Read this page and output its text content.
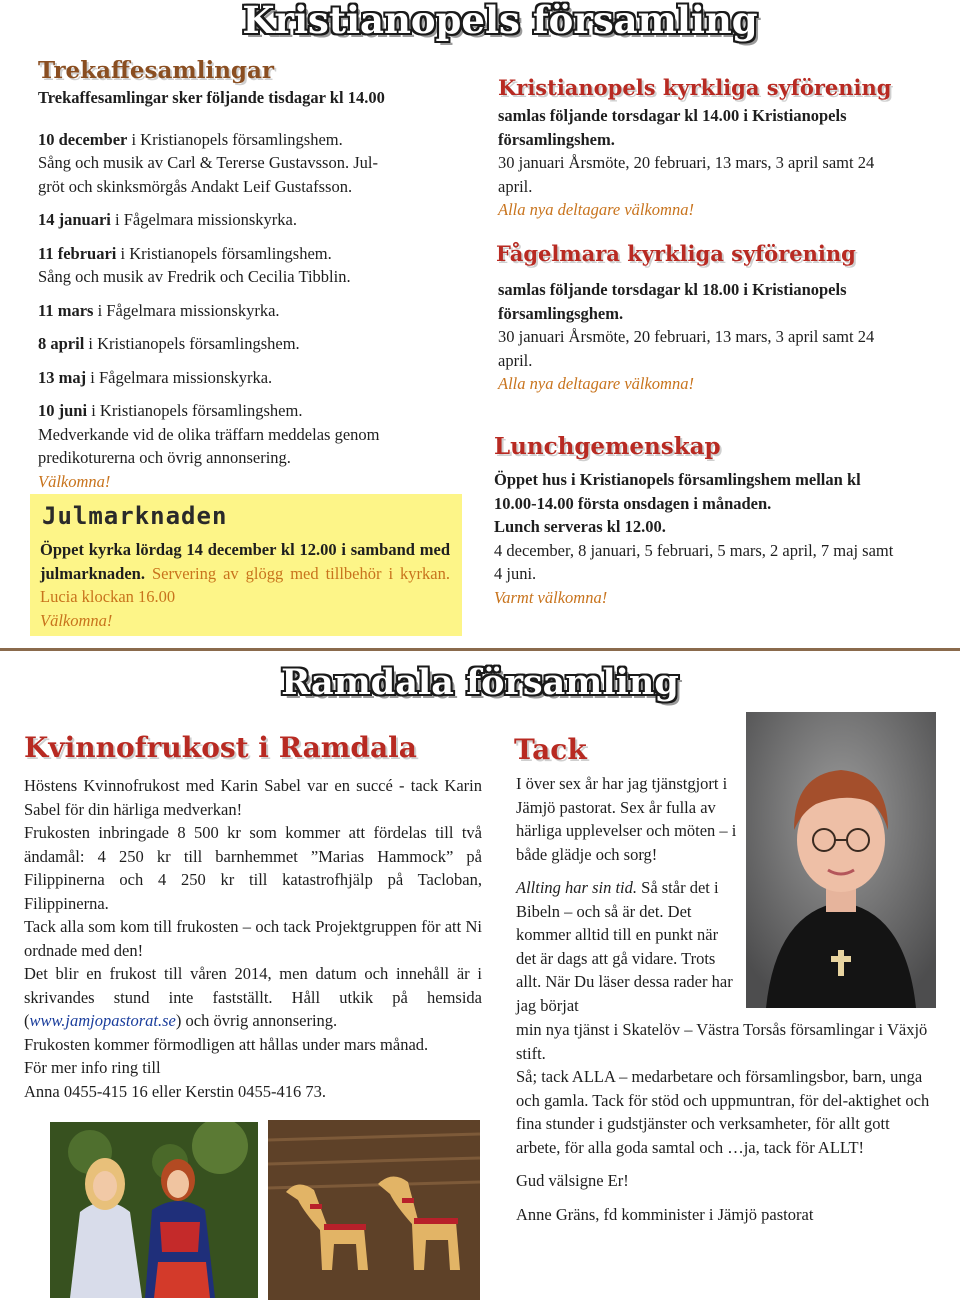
Kristianopels församling
Trekaffesamlingar

Trekaffesamlingar sker följande tisdagar kl 14.00

10 december i Kristianopels församlingshem.

Sång och musik av Carl & Tererse Gustavsson. Jul-gröt och skinksmörgås Andakt Leif Gustafsson.

14 januari i Fågelmara missionskyrka.

11 februari i Kristianopels församlingshem.

Sång och musik av Fredrik och Cecilia Tibblin.

11 mars i Fågelmara missionskyrka.

8 april i Kristianopels församlingshem.

13 maj i Fågelmara missionskyrka.

10 juni i Kristianopels församlingshem.

Medverkande vid de olika träffarn meddelas genom predikoturerna och övrig annonsering.

Välkomna!

Julmarknaden
Öppet kyrka lördag 14 december kl 12.00 i samband med julmarknaden. Servering av glögg med tillbehör i kyrkan. Lucia klockan 16.00
Välkomna!
Kristianopels kyrkliga syförening

samlas följande torsdagar kl 14.00 i Kristianopels församlingshem.

30 januari Årsmöte, 20 februari, 13 mars, 3 april samt 24 april.

Alla nya deltagare välkomna!

Fågelmara kyrkliga syförening

samlas följande torsdagar kl 18.00 i Kristianopels församlingsghem.

30 januari Årsmöte, 20 februari, 13 mars, 3 april samt 24 april.

Alla nya deltagare välkomna!

Lunchgemenskap

Öppet hus i Kristianopels församlingshem mellan kl 10.00-14.00 första onsdagen i månaden.

Lunch serveras kl 12.00.

4 december, 8 januari, 5 februari, 5 mars, 2 april, 7 maj samt 4 juni.

Varmt välkomna!

Ramdala församling
Kvinnofrukost i Ramdala

Höstens Kvinnofrukost med Karin Sabel var en succé - tack Karin Sabel för din härliga medverkan!

Frukosten inbringade 8 500 kr som kommer att fördelas till två ändamål: 4 250 kr till barnhemmet ”Marias Hammock” på Filippinerna och 4 250 kr till katastrofhjälp på Tacloban, Filippinerna.

Tack alla som kom till frukosten – och tack Projektgruppen för att Ni ordnade med den!

Det blir en frukost till våren 2014, men datum och innehåll är i skrivandes stund inte fastställt. Håll utkik på hemsida (www.jamjopastorat.se) och övrig annonsering.

Frukosten kommer förmodligen att hållas under mars månad.

För mer info ring till

Anna 0455-415 16 eller Kerstin 0455-416 73.

Tack

I över sex år har jag tjänstgjort i Jämjö pastorat. Sex år fulla av härliga upplevelser och möten – i både glädje och sorg!

Allting har sin tid. Så står det i Bibeln – och så är det. Det kommer alltid till en punkt när det är dags att gå vidare. Trots allt. När Du läser dessa rader har jag börjat

min nya tjänst i Skatelöv – Västra Torsås församlingar i Växjö stift.

Så; tack ALLA – medarbetare och församlingsbor, barn, unga och gamla. Tack för stöd och uppmuntran, för del-aktighet och fina stunder i gudstjänster och verksamheter, för allt gott arbete, för alla goda samtal och …ja, tack för ALLT!

Gud välsigne Er!

Anne Gräns, fd komminister i Jämjö pastorat
